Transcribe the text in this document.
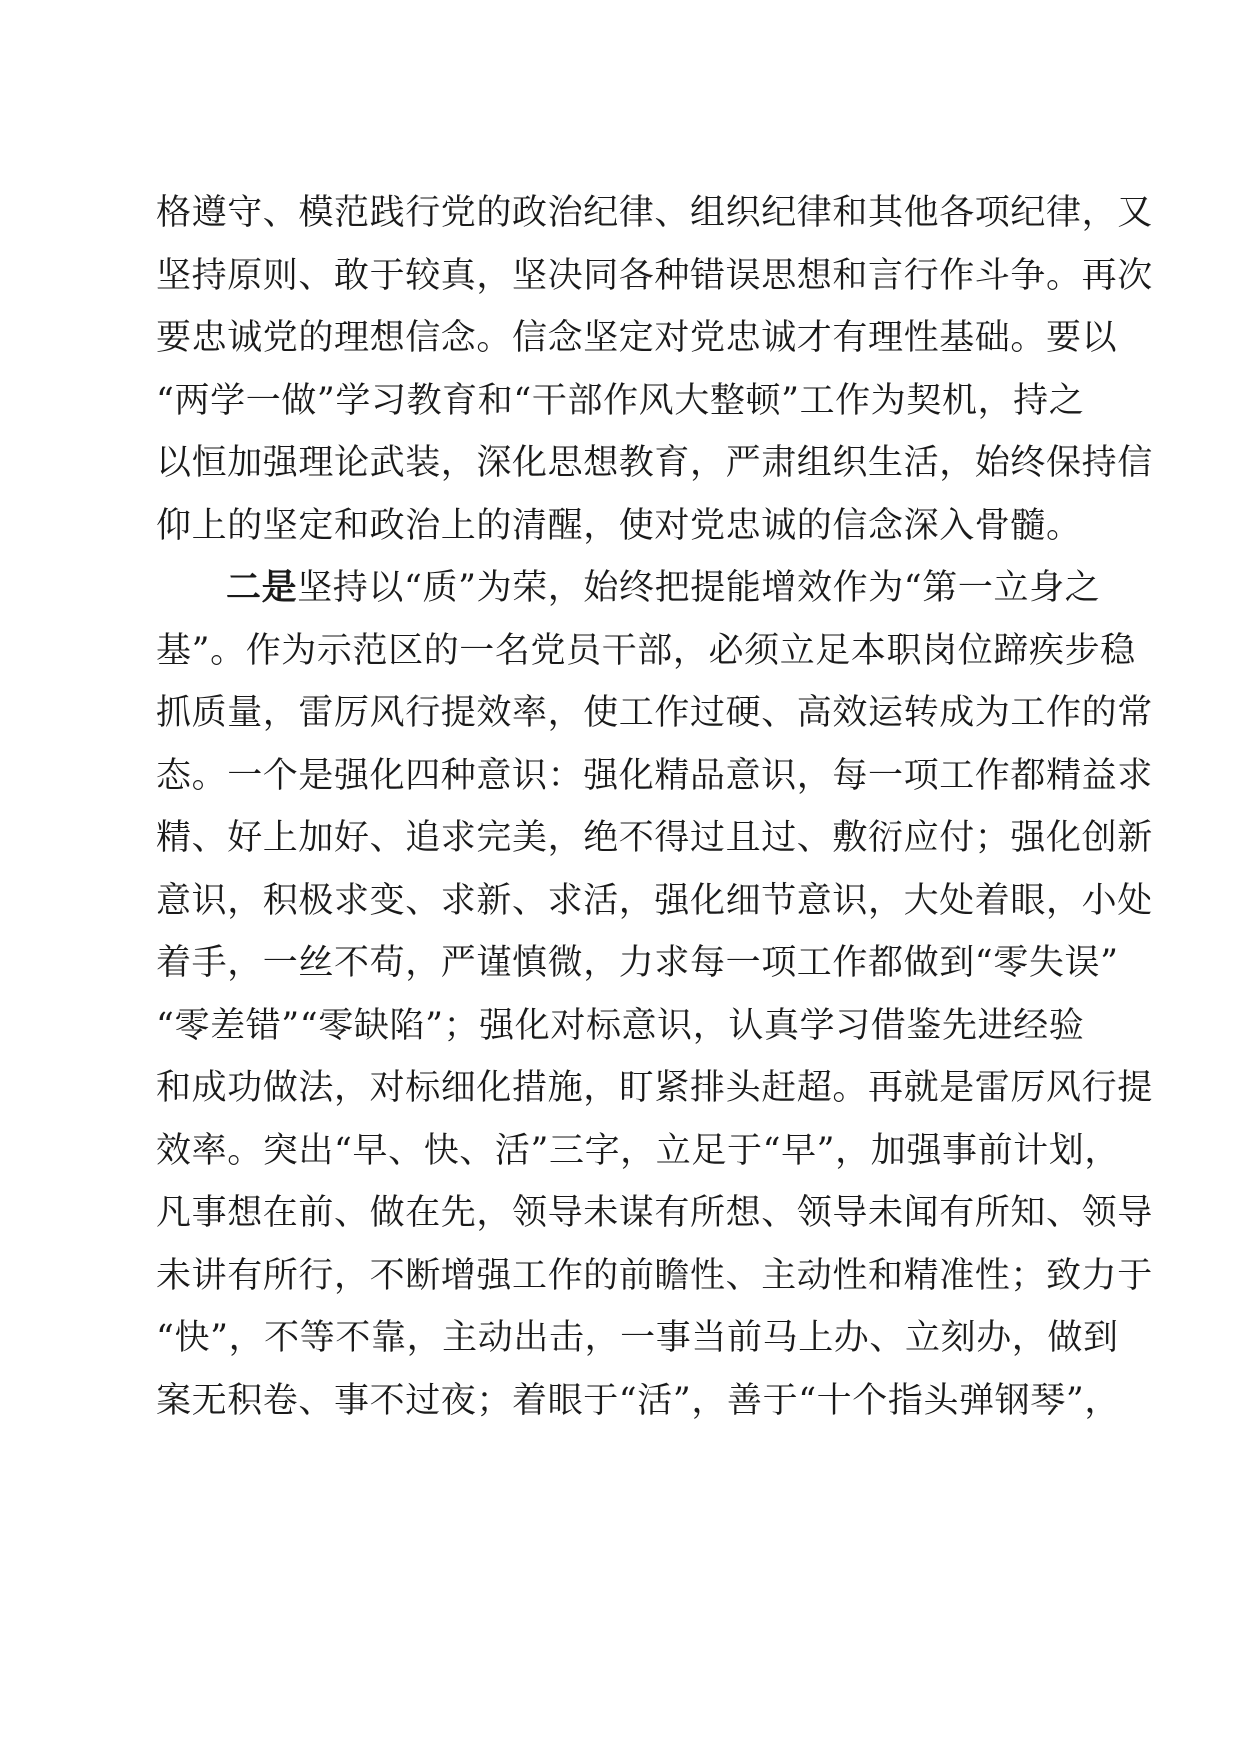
格遵守、模范践行党的政治纪律、组织纪律和其他各项纪律，又
坚持原则、敢于较真，坚决同各种错误思想和言行作斗争。再次
要忠诚党的理想信念。信念坚定对党忠诚才有理性基础。要以
“两学一做”学习教育和“干部作风大整顿”工作为契机，持之
以恒加强理论武装，深化思想教育，严肃组织生活，始终保持信
仰上的坚定和政治上的清醒，使对党忠诚的信念深入骨髓。
二是坚持以“质”为荣，始终把提能增效作为“第一立身之
基”。作为示范区的一名党员干部，必须立足本职岗位蹄疾步稳
抓质量，雷厉风行提效率，使工作过硬、高效运转成为工作的常
态。一个是强化四种意识：强化精品意识，每一项工作都精益求
精、好上加好、追求完美，绝不得过且过、敷衍应付；强化创新
意识，积极求变、求新、求活，强化细节意识，大处着眼，小处
着手，一丝不苟，严谨慎微，力求每一项工作都做到“零失误”
“零差错”“零缺陷”；强化对标意识，认真学习借鉴先进经验
和成功做法，对标细化措施，盯紧排头赶超。再就是雷厉风行提
效率。突出“早、快、活”三字，立足于“早”，加强事前计划，
凡事想在前、做在先，领导未谋有所想、领导未闻有所知、领导
未讲有所行，不断增强工作的前瞻性、主动性和精准性；致力于
“快”，不等不靠，主动出击，一事当前马上办、立刻办，做到
案无积卷、事不过夜；着眼于“活”，善于“十个指头弹钢琴”，
